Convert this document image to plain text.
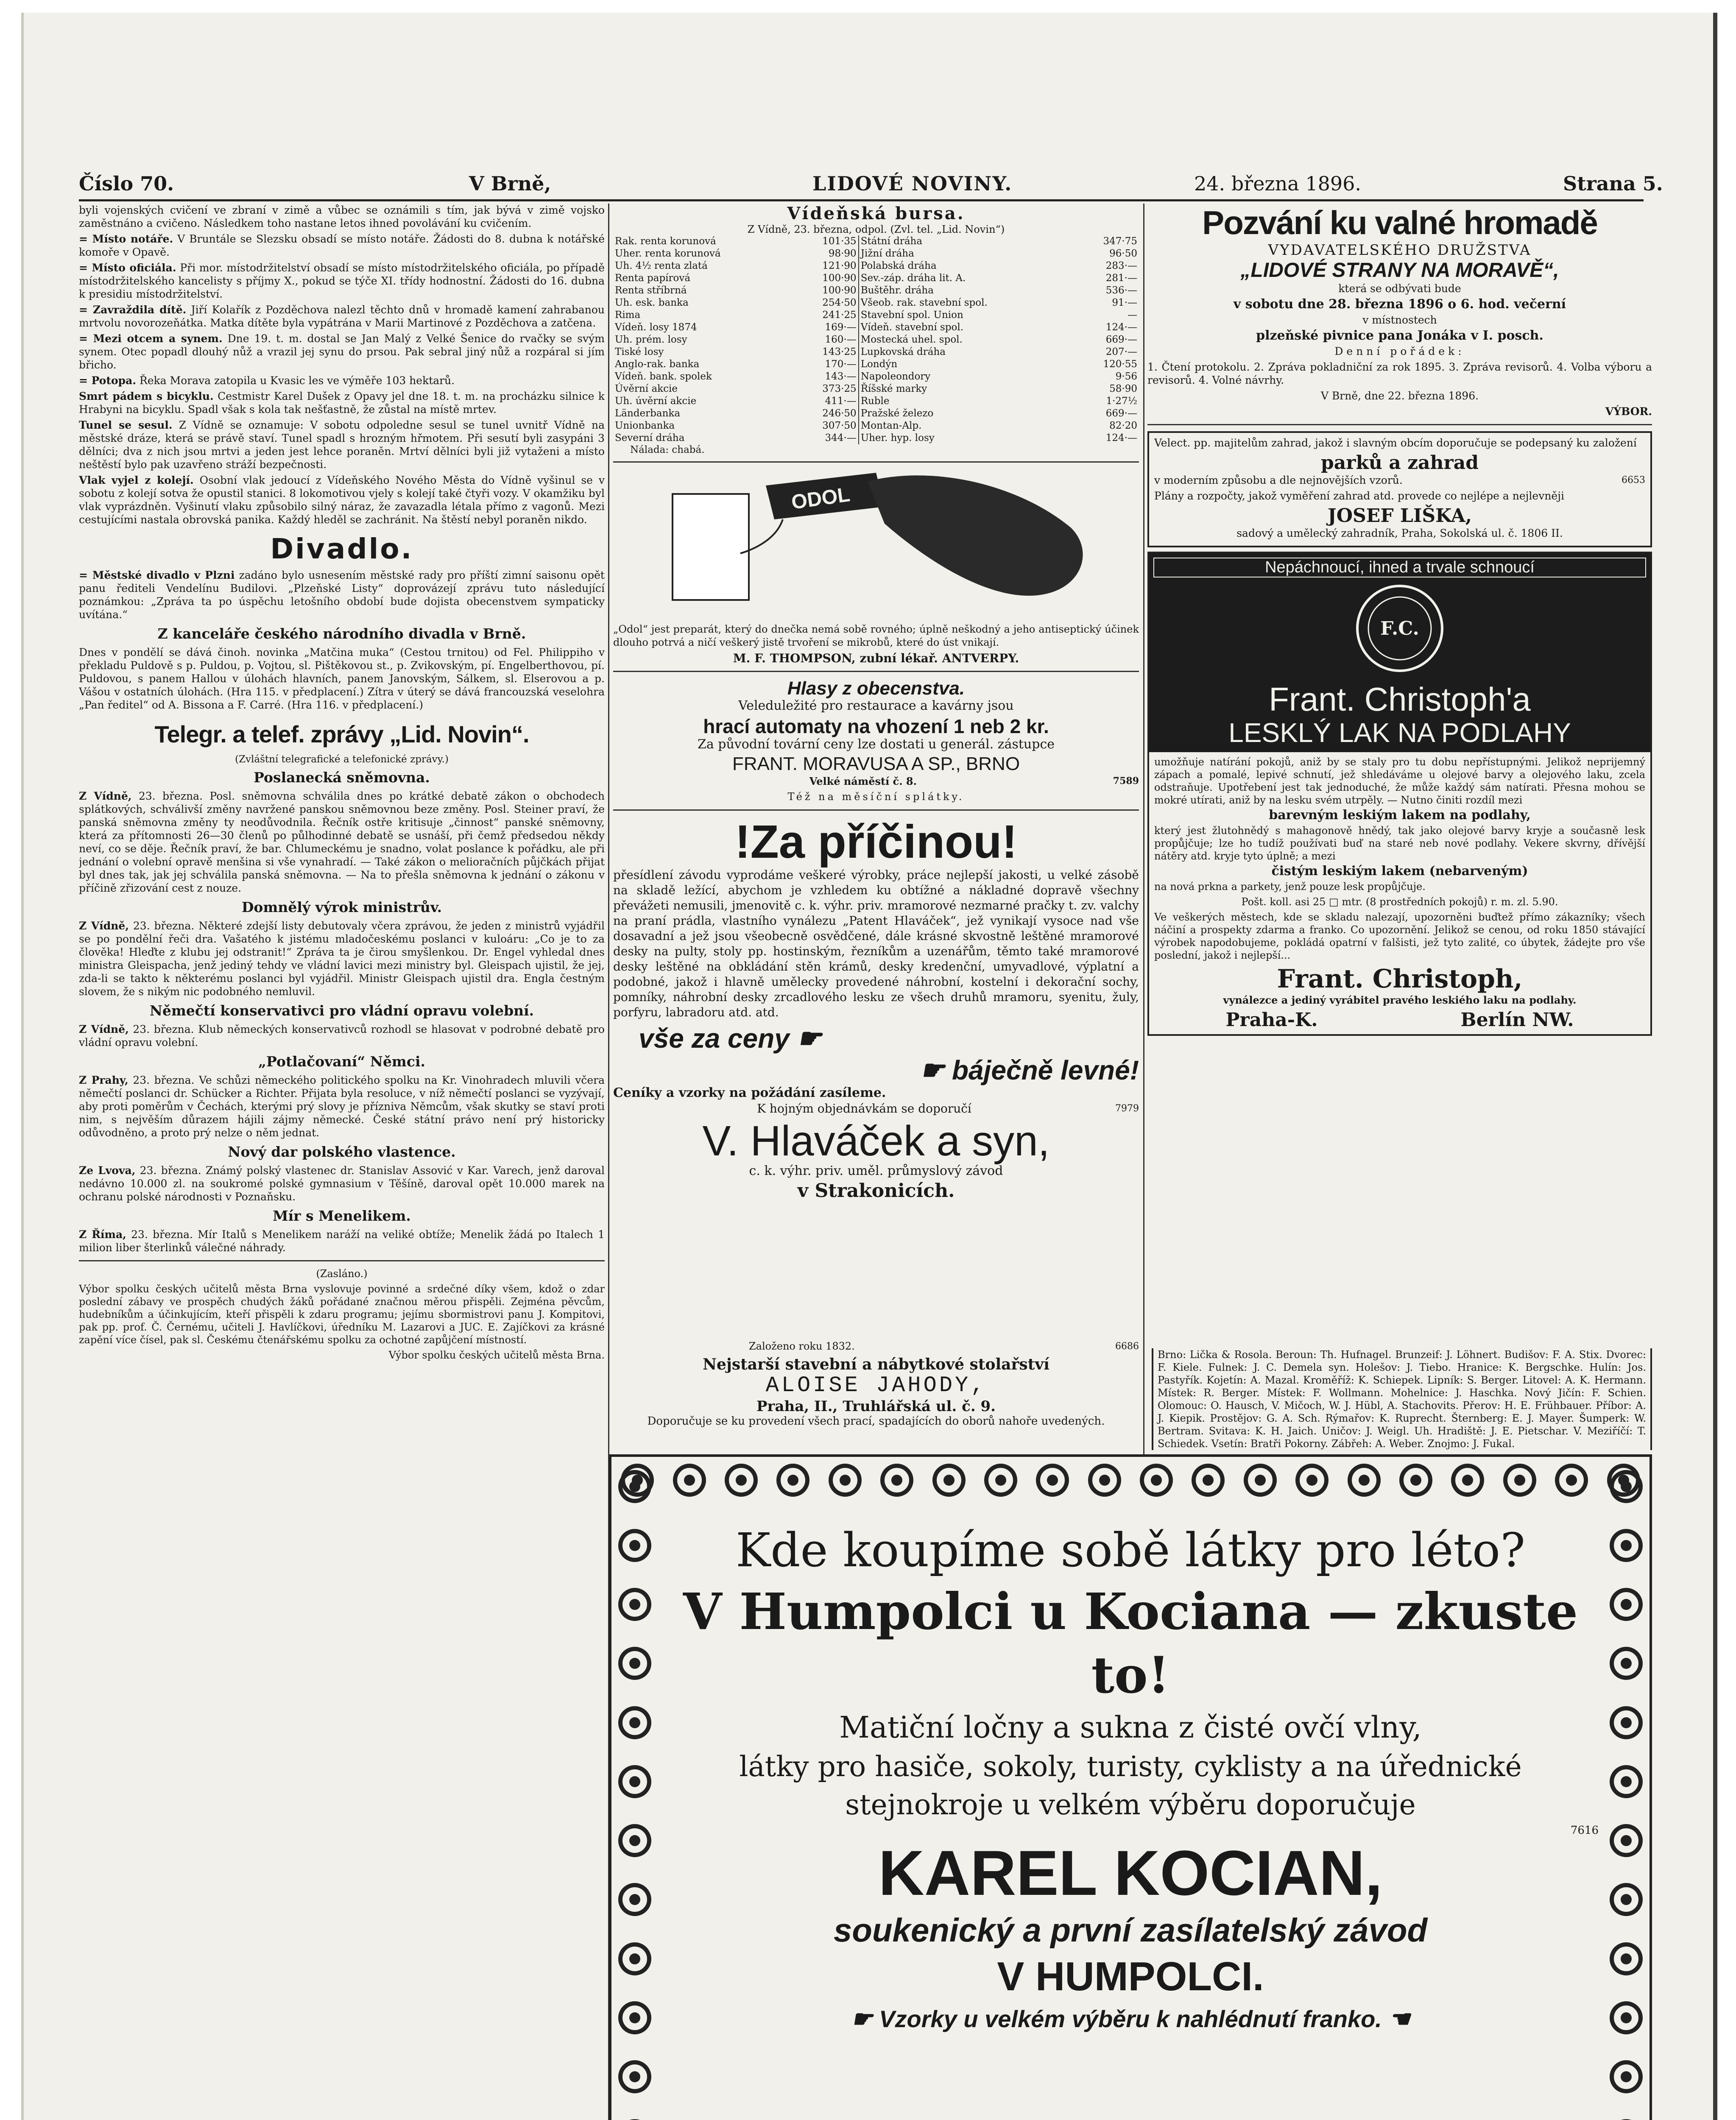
Číslo 70.	V Brně,	LIDOVÉ NOVINY.	24. března 1896.	Strana 5.

byli vojenských cvičení ve zbraní v zimě a vůbec se oznámili s tím, jak bývá v zimě vojsko zaměstnáno a cvičeno. Následkem toho nastane letos ihned povolávání ku cvičením.

= Místo notáře. V Bruntále se Slezsku obsadí se místo notáře. Žádosti do 8. dubna k notářské komoře v Opavě.

= Místo oficiála. Při mor. místodržitelství obsadí se místo místodržitelského oficiála, po případě místodržitelského kancelisty s příjmy X., pokud se týče XI. třídy hodnostní. Žádosti do 16. dubna k presidiu místodržitelství.

= Zavraždila dítě. Jiří Kolařík z Pozděchova nalezl těchto dnů v hromadě kamení zahrabanou mrtvolu novorozeňátka. Matka dítěte byla vypátrána v Marii Martinové z Pozděchova a zatčena.

= Mezi otcem a synem. Dne 19. t. m. dostal se Jan Malý z Velké Šenice do rvačky se svým synem. Otec popadl dlouhý nůž a vrazil jej synu do prsou. Pak sebral jiný nůž a rozpáral si jím břicho.

= Potopa. Řeka Morava zatopila u Kvasic les ve výměře 103 hektarů.

Smrt pádem s bicyklu. Cestmistr Karel Dušek z Opavy jel dne 18. t. m. na procházku silnice k Hrabyni na bicyklu. Spadl však s kola tak nešťastně, že zůstal na místě mrtev.

Tunel se sesul. Z Vídně se oznamuje: V sobotu odpoledne sesul se tunel uvnitř Vídně na městské dráze, která se právě staví. Tunel spadl s hrozným hřmotem. Při sesutí byli zasypáni 3 dělníci; dva z nich jsou mrtvi a jeden jest lehce poraněn. Mrtví dělníci byli již vytaženi a místo neštěstí bylo pak uzavřeno stráží bezpečnosti.

Vlak vyjel z kolejí. Osobní vlak jedoucí z Vídeňského Nového Města do Vídně vyšinul se v sobotu z kolejí sotva že opustil stanici. 8 lokomotivou vjely s kolejí také čtyři vozy. V okamžiku byl vlak vyprázdněn. Vyšinutí vlaku způsobilo silný náraz, že zavazadla létala přímo z vagonů. Mezi cestujícími nastala obrovská panika. Každý hleděl se zachránit. Na štěstí nebyl poraněn nikdo.

Divadlo.

= Městské divadlo v Plzni zadáno bylo usnesením městské rady pro příští zimní saisonu opět panu řediteli Vendelínu Budilovi. „Plzeňské Listy“ doprovázejí zprávu tuto následující poznámkou: „Zpráva ta po úspěchu letošního období bude dojista obecenstvem sympaticky uvítána.“

Z kanceláře českého národního divadla v Brně.

Dnes v pondělí se dává činoh. novinka „Matčina muka“ (Cestou trnitou) od Fel. Philippiho v překladu Puldově s p. Puldou, p. Vojtou, sl. Pištěkovou st., p. Zvikovským, pí. Engelberthovou, pí. Puldovou, s panem Hallou v úlohách hlavních, panem Janovským, Sálkem, sl. Elserovou a p. Vášou v ostatních úlohách. (Hra 115. v předplacení.) Zítra v úterý se dává francouzská veselohra „Pan ředitel“ od A. Bissona a F. Carré. (Hra 116. v předplacení.)

Telegr. a telef. zprávy „Lid. Novin“.
(Zvláštní telegrafické a telefonické zprávy.)
Poslanecká sněmovna.

Z Vídně, 23. března. Posl. sněmovna schválila dnes po krátké debatě zákon o obchodech splátkových, schválivší změny navržené panskou sněmovnou beze změny. Posl. Steiner praví, že panská sněmovna změny ty neodůvodnila. Řečník ostře kritisuje „činnost“ panské sněmovny, která za přítomnosti 26—30 členů po půlhodinné debatě se usnáší, při čemž předsedou někdy neví, co se děje. Řečník praví, že bar. Chlumeckému je snadno, volat poslance k pořádku, ale při jednání o volební opravě menšina si vše vynahradí. — Také zákon o melioračních půjčkách přijat byl dnes tak, jak jej schválila panská sněmovna. — Na to přešla sněmovna k jednání o zákonu v příčině zřizování cest z nouze.

Domnělý výrok ministrův.

Z Vídně, 23. března. Některé zdejší listy debutovaly včera zprávou, že jeden z ministrů vyjádřil se po pondělní řeči dra. Vašatého k jistému mladočeskému poslanci v kuloáru: „Co je to za člověka! Hleďte z klubu jej odstranit!“ Zpráva ta je čirou smyšlenkou. Dr. Engel vyhledal dnes ministra Gleispacha, jenž jediný tehdy ve vládní lavici mezi ministry byl. Gleispach ujistil, že jej, zda-li se takto k některému poslanci byl vyjádřil. Ministr Gleispach ujistil dra. Engla čestným slovem, že s nikým nic podobného nemluvil.

Němečtí konservativci pro vládní opravu volební.

Z Vídně, 23. března. Klub německých konservativců rozhodl se hlasovat v podrobné debatě pro vládní opravu volební.

„Potlačovaní“ Němci.

Z Prahy, 23. března. Ve schůzi německého politického spolku na Kr. Vinohradech mluvili včera němečtí poslanci dr. Schücker a Richter. Přijata byla resoluce, v níž němečtí poslanci se vyzývají, aby proti poměrům v Čechách, kterými prý slovy je přízniva Němcům, však skutky se staví proti nim, s nejvěším důrazem hájili zájmy německé. České státní právo není prý historicky odůvodněno, a proto prý nelze o něm jednat.

Nový dar polského vlastence.

Ze Lvova, 23. března. Známý polský vlastenec dr. Stanislav Assović v Kar. Varech, jenž daroval nedávno 10.000 zl. na soukromé polské gymnasium v Těšíně, daroval opět 10.000 marek na ochranu polské národnosti v Poznaňsku.

Mír s Menelikem.

Z Říma, 23. března. Mír Italů s Menelikem naráží na veliké obtíže; Menelik žádá po Italech 1 milion liber šterlinků válečné náhrady.

(Zasláno.)

Výbor spolku českých učitelů města Brna vyslovuje povinné a srdečné díky všem, kdož o zdar poslední zábavy ve prospěch chudých žáků pořádané značnou měrou přispěli. Zejména pěvcům, hudebníkům a účinkujícím, kteří přispěli k zdaru programu; jejímu sbormistrovi panu J. Kompitovi, pak pp. prof. Č. Černému, učiteli J. Havlíčkovi, úředníku M. Lazarovi a JUC. E. Zajíčkovi za krásné zapění více čísel, pak sl. Českému čtenářskému spolku za ochotné zapůjčení místností.

Výbor spolku českých učitelů města Brna.

Vídeňská bursa.
Z Vídně, 23. března, odpol. (Zvl. tel. „Lid. Novin“)
Rak. renta korunová	101·35	Státní dráha	347·75
Uher. renta korunová	98·90	Jižní dráha	96·50
Uh. 4½ renta zlatá	121·90	Polabská dráha	283·—
Renta papírová	100·90	Sev.-záp. dráha lit. A.	281·—
Renta stříbrná	100·90	Buštěhr. dráha	536·—
Uh. esk. banka	254·50	Všeob. rak. stavební spol.	91·—
Rima	241·25	Stavební spol. Union	—
Vídeň. losy 1874	169·—	Vídeň. stavební spol.	124·—
Uh. prém. losy	160·—	Mostecká uhel. spol.	669·—
Tiské losy	143·25	Lupkovská dráha	207·—
Anglo-rak. banka	170·—	Londýn	120·55
Vídeň. bank. spolek	143·—	Napoleondory	9·56
Úvěrní akcie	373·25	Říšské marky	58·90
Uh. úvěrní akcie	411·—	Ruble	1·27½
Länderbanka	246·50	Pražské železo	669·—
Unionbanka	307·50	Montan-Alp.	82·20
Severní dráha	344·—	Uher. hyp. losy	124·—
Nálada: chabá.
ODOL

„Odol“ jest preparát, který do dnečka nemá sobě rovného; úplně neškodný a jeho antiseptický účinek dlouho potrvá a ničí veškerý jistě trvoření se mikrobů, které do úst vnikají.

M. F. THOMPSON, zubní lékař. ANTVERPY.

Hlasy z obecenstva.

Veleduležité pro restaurace a kavárny jsou

hrací automaty na vhození 1 neb 2 kr.

Za původní tovární ceny lze dostati u generál. zástupce

FRANT. MORAVUSA A SP., BRNO

Velké náměstí č. 8.	7589

Též na měsíční splátky.

!Za příčinou!

přesídlení závodu vyprodáme veškeré výrobky, práce nejlepší jakosti, u velké zásobě na skladě ležící, abychom je vzhledem ku obtížné a nákladné dopravě všechny převážeti nemusili, jmenovitě c. k. výhr. priv. mramorové nezmarné pračky t. zv. valchy na praní prádla, vlastního vynálezu „Patent Hlaváček“, jež vynikají vysoce nad vše dosavadní a jež jsou všeobecně osvědčené, dále krásné skvostně leštěné mramorové desky na pulty, stoly pp. hostinským, řezníkům a uzenářům, těmto také mramorové desky leštěné na obkládání stěn krámů, desky kredenční, umyvadlové, výplatní a podobné, jakož i hlavně umělecky provedené náhrobní, kostelní i dekorační sochy, pomníky, náhrobní desky zrcadlového lesku ze všech druhů mramoru, syenitu, žuly, porfyru, labradoru atd. atd.

vše za ceny ☛
☛ báječně levné!

Ceníky a vzorky na požádání zasíleme.

K hojným objednávkám se doporučí	7979

V. Hlaváček a syn,

c. k. výhr. priv. uměl. průmyslový závod

v Strakonicích.
Pozvání ku valné hromadě
VYDAVATELSKÉHO DRUŽSTVA
„LIDOVÉ STRANY NA MORAVĚ“,

která se odbývati bude

v sobotu dne 28. března 1896 o 6. hod. večerní

v místnostech

plzeňské pivnice pana Jonáka v I. posch.

Denní pořádek:

1. Čtení protokolu. 2. Zpráva pokladniční za rok 1895. 3. Zpráva revisorů. 4. Volba výboru a revisorů. 4. Volné návrhy.

V Brně, dne 22. března 1896.

VÝBOR.

Velect. pp. majitelům zahrad, jakož i slavným obcím doporučuje se podepsaný ku založení

parků a zahrad

v moderním způsobu a dle nejnovějších vzorů.	6653

Plány a rozpočty, jakož vyměření zahrad atd. provede co nejlépe a nejlevněji

JOSEF LIŠKA,

sadový a umělecký zahradník, Praha, Sokolská ul. č. 1806 II.

Nepáchnoucí, ihned a trvale schnoucí
F.C.
Frant. Christoph'a
LESKLÝ LAK NA PODLAHY

umožňuje natírání pokojů, aniž by se staly pro tu dobu nepřístupnými. Jelikož neprijemný zápach a pomalé, lepivé schnutí, jež shledáváme u olejové barvy a olejového laku, zcela odstraňuje. Upotřebení jest tak jednoduché, že může každý sám natírati. Přesna mohou se mokré utírati, aniž by na lesku svém utrpěly. — Nutno činiti rozdíl mezi

barevným leskiým lakem na podlahy,

který jest žlutohnědý s mahagonově hnědý, tak jako olejové barvy kryje a současně lesk propůjčuje; lze ho tudíž používati buď na staré neb nové podlahy. Vekere skvrny, dřívější nátěry atd. kryje tyto úplně; a mezi

čistým leskiým lakem (nebarveným)

na nová prkna a parkety, jenž pouze lesk propůjčuje.

Pošt. koll. asi 25 □ mtr. (8 prostředních pokojů) r. m. zl. 5.90.

Ve veškerých městech, kde se skladu nalezají, upozorněni buďtež přímo zákazníky; všech náčiní a prospekty zdarma a franko. Co upozornění. Jelikož se cenou, od roku 1850 stávající výrobek napodobujeme, pokládá opatrní v falšisti, jež tyto zalité, co úbytek, žádejte pro vše poslední, jakož i nejlepší...

Frant. Christoph,

vynálezce a jediný vyrábitel pravého leskiého laku na podlahy.

Praha-K.	Berlín NW.

Brno: Lička & Rosola. Beroun: Th. Hufnagel. Brunzeif: J. Löhnert. Budišov: F. A. Stix. Dvorec: F. Kiele. Fulnek: J. C. Demela syn. Holešov: J. Tiebo. Hranice: K. Bergschke. Hulín: Jos. Pastyřík. Kojetín: A. Mazal. Kroměříž: K. Schiepek. Lipník: S. Berger. Litovel: A. K. Hermann. Místek: R. Berger. Místek: F. Wollmann. Mohelnice: J. Haschka. Nový Jičín: F. Schien. Olomouc: O. Hausch, V. Mičoch, W. J. Hübl, A. Stachovits. Přerov: H. E. Frühbauer. Příbor: A. J. Kiepik. Prostějov: G. A. Sch. Rýmařov: K. Ruprecht. Šternberg: E. J. Mayer. Šumperk: W. Bertram. Svitava: K. H. Jaich. Uničov: J. Weigl. Uh. Hradiště: J. E. Pietschar. V. Meziříčí: T. Schiedek. Vsetín: Bratři Pokorny. Zábřeh: A. Weber. Znojmo: J. Fukal.

Založeno roku 1832.	6686

Nejstarší stavební a nábytkové stolařství
ALOISE JAHODY,
Praha, II., Truhlářská ul. č. 9.
Doporučuje se ku provedení všech prací, spadajících do oborů nahoře uvedených.
Kde koupíme sobě látky pro léto?
V Humpolci u Kociana — zkuste to!
Matiční ločny a sukna z čisté ovčí vlny,
látky pro hasiče, sokoly, turisty, cyklisty a na úřednické
stejnokroje u velkém výběru doporučuje
7616
KAREL KOCIAN,
soukenický a první zasílatelský závod
V HUMPOLCI.
☛ Vzorky u velkém výběru k nahlédnutí franko. ☚
